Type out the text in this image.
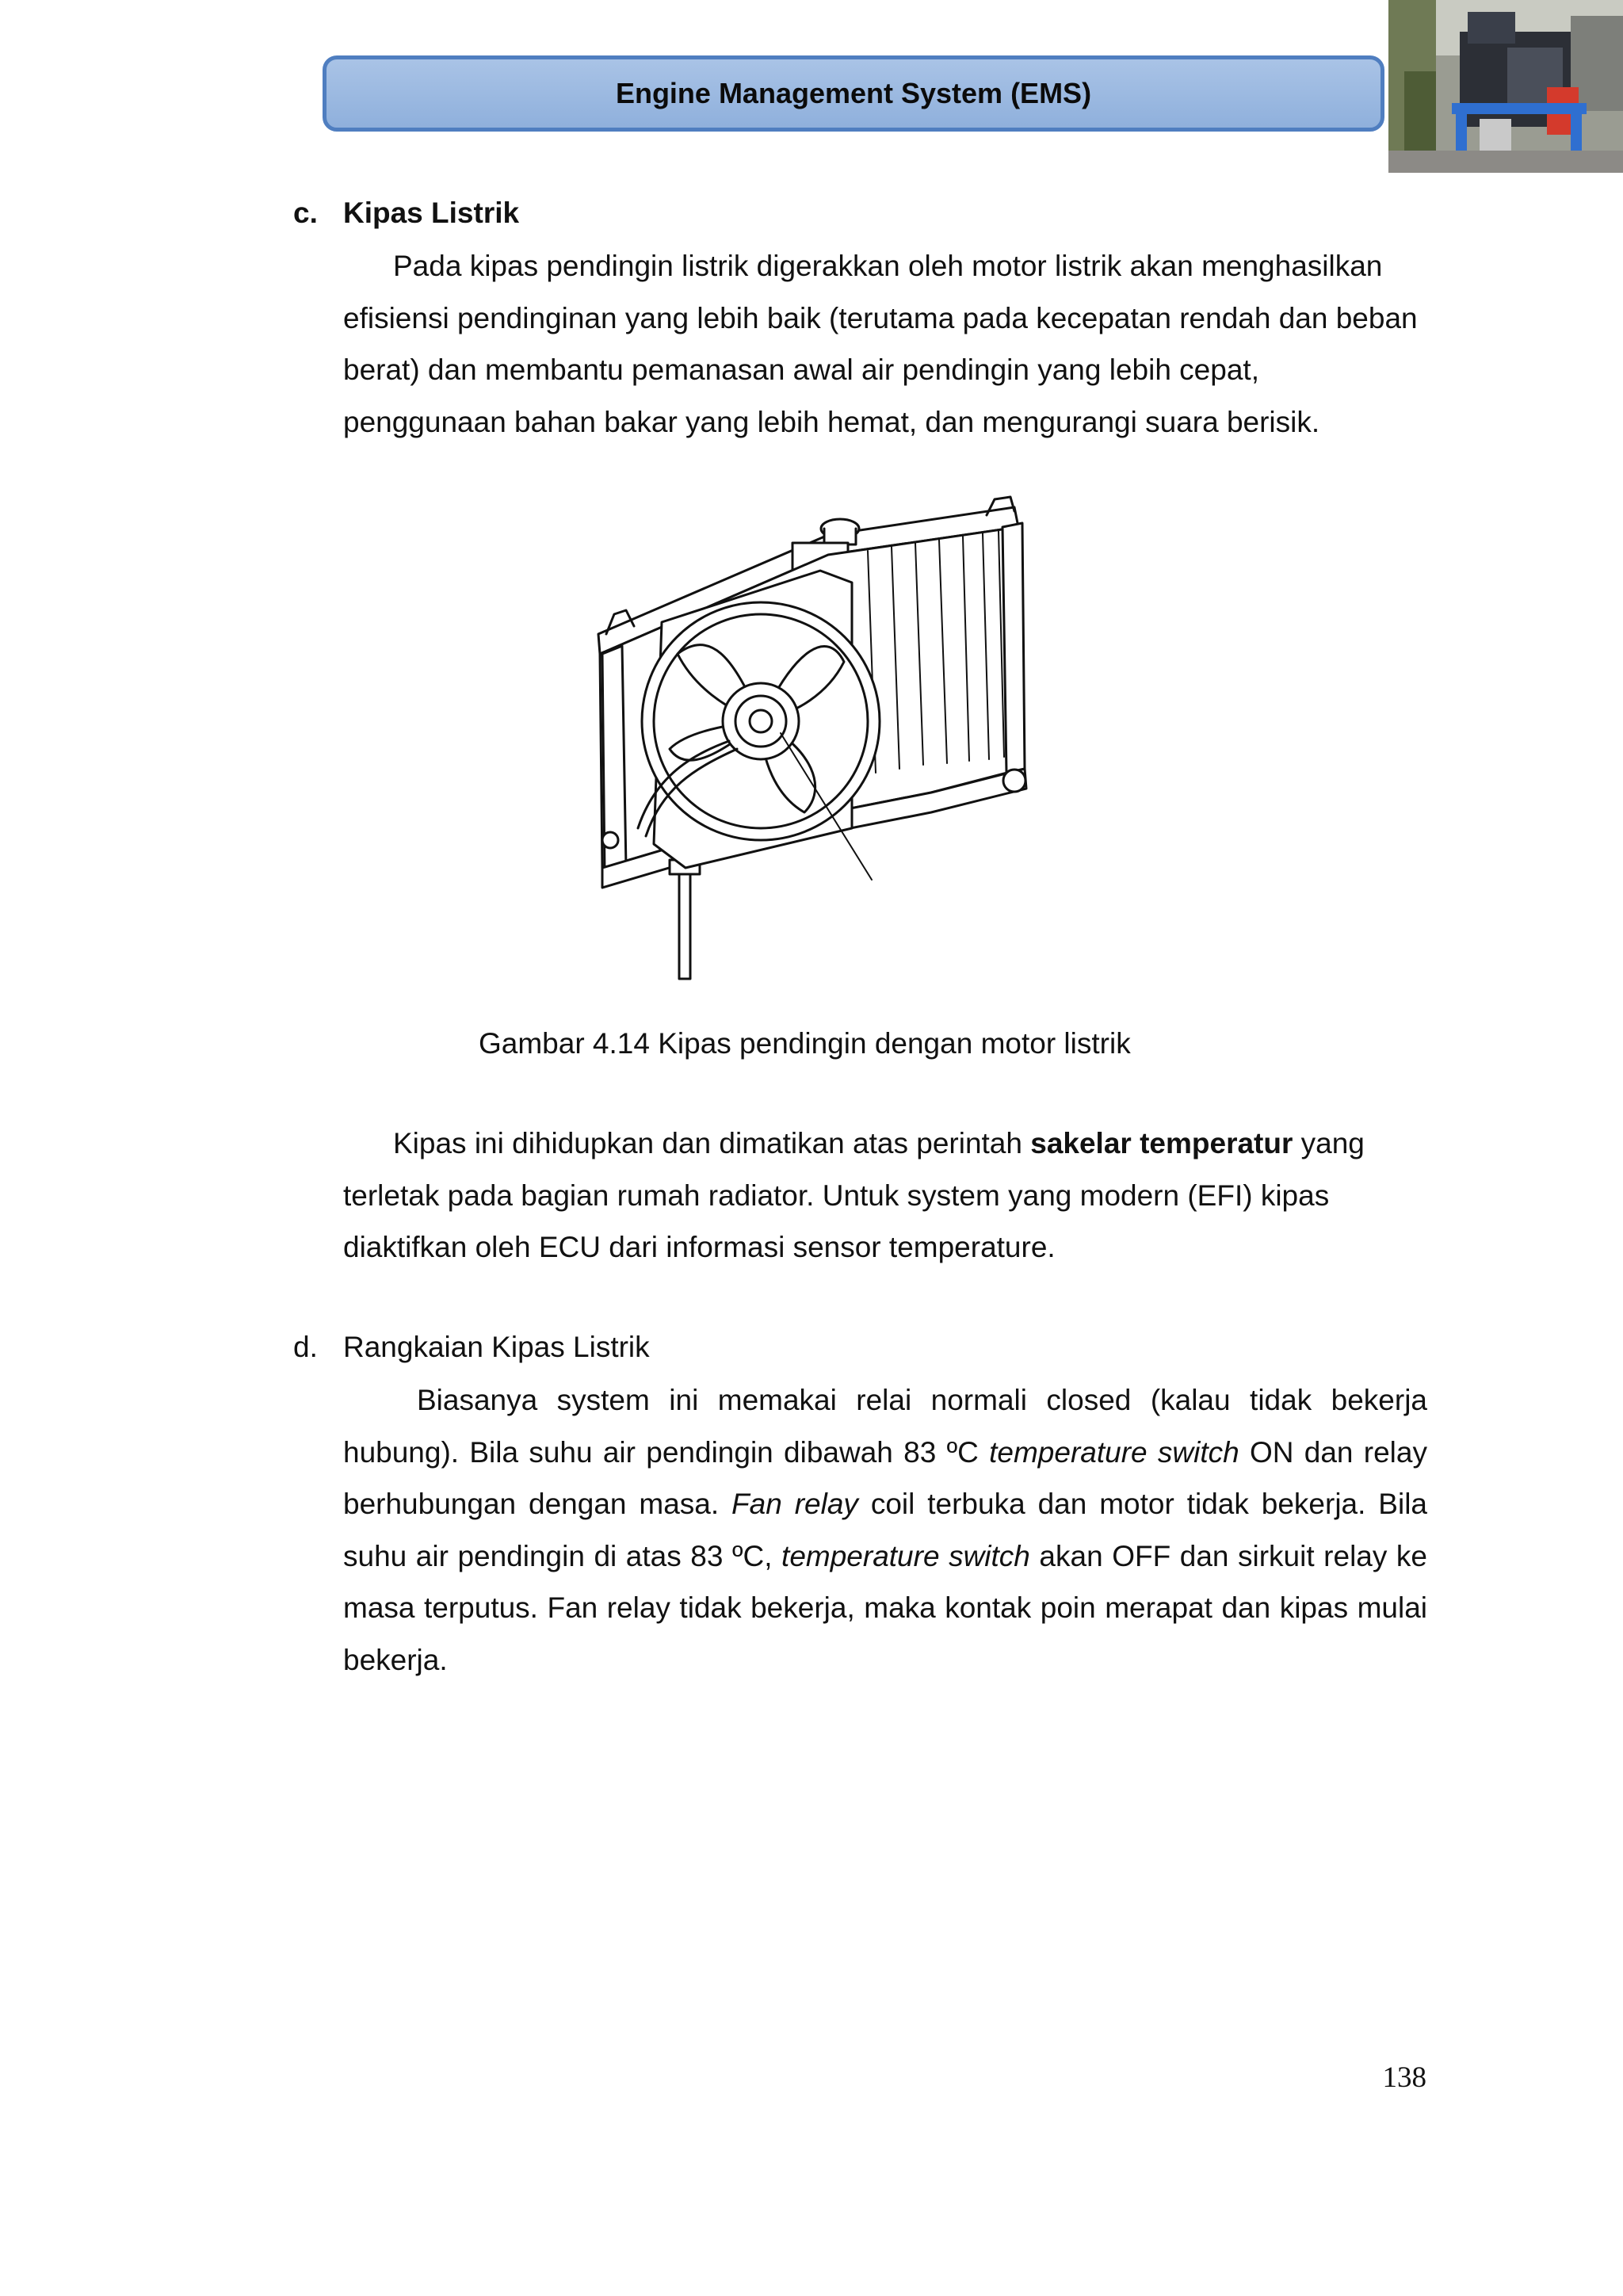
Engine Management System (EMS)
c. Kipas Listrik

Pada kipas pendingin listrik digerakkan oleh motor listrik akan menghasilkan efisiensi pendinginan yang lebih baik (terutama pada kecepatan rendah dan beban berat) dan membantu pemanasan awal air pendingin yang lebih cepat, penggunaan bahan bakar yang lebih hemat, dan mengurangi suara berisik.

Gambar 4.14 Kipas pendingin dengan motor listrik

Kipas ini dihidupkan dan dimatikan atas perintah sakelar temperatur yang terletak pada bagian rumah radiator. Untuk system yang modern (EFI) kipas diaktifkan oleh ECU dari informasi sensor temperature.

d. Rangkaian Kipas Listrik

Biasanya system ini memakai relai normali closed (kalau tidak bekerja hubung). Bila suhu air pendingin dibawah 83 ºC temperature switch ON dan relay berhubungan dengan masa. Fan relay coil terbuka dan motor tidak bekerja. Bila suhu air pendingin di atas 83 ºC, temperature switch akan OFF dan sirkuit relay ke masa terputus. Fan relay tidak bekerja, maka kontak poin merapat dan kipas mulai bekerja.

138
